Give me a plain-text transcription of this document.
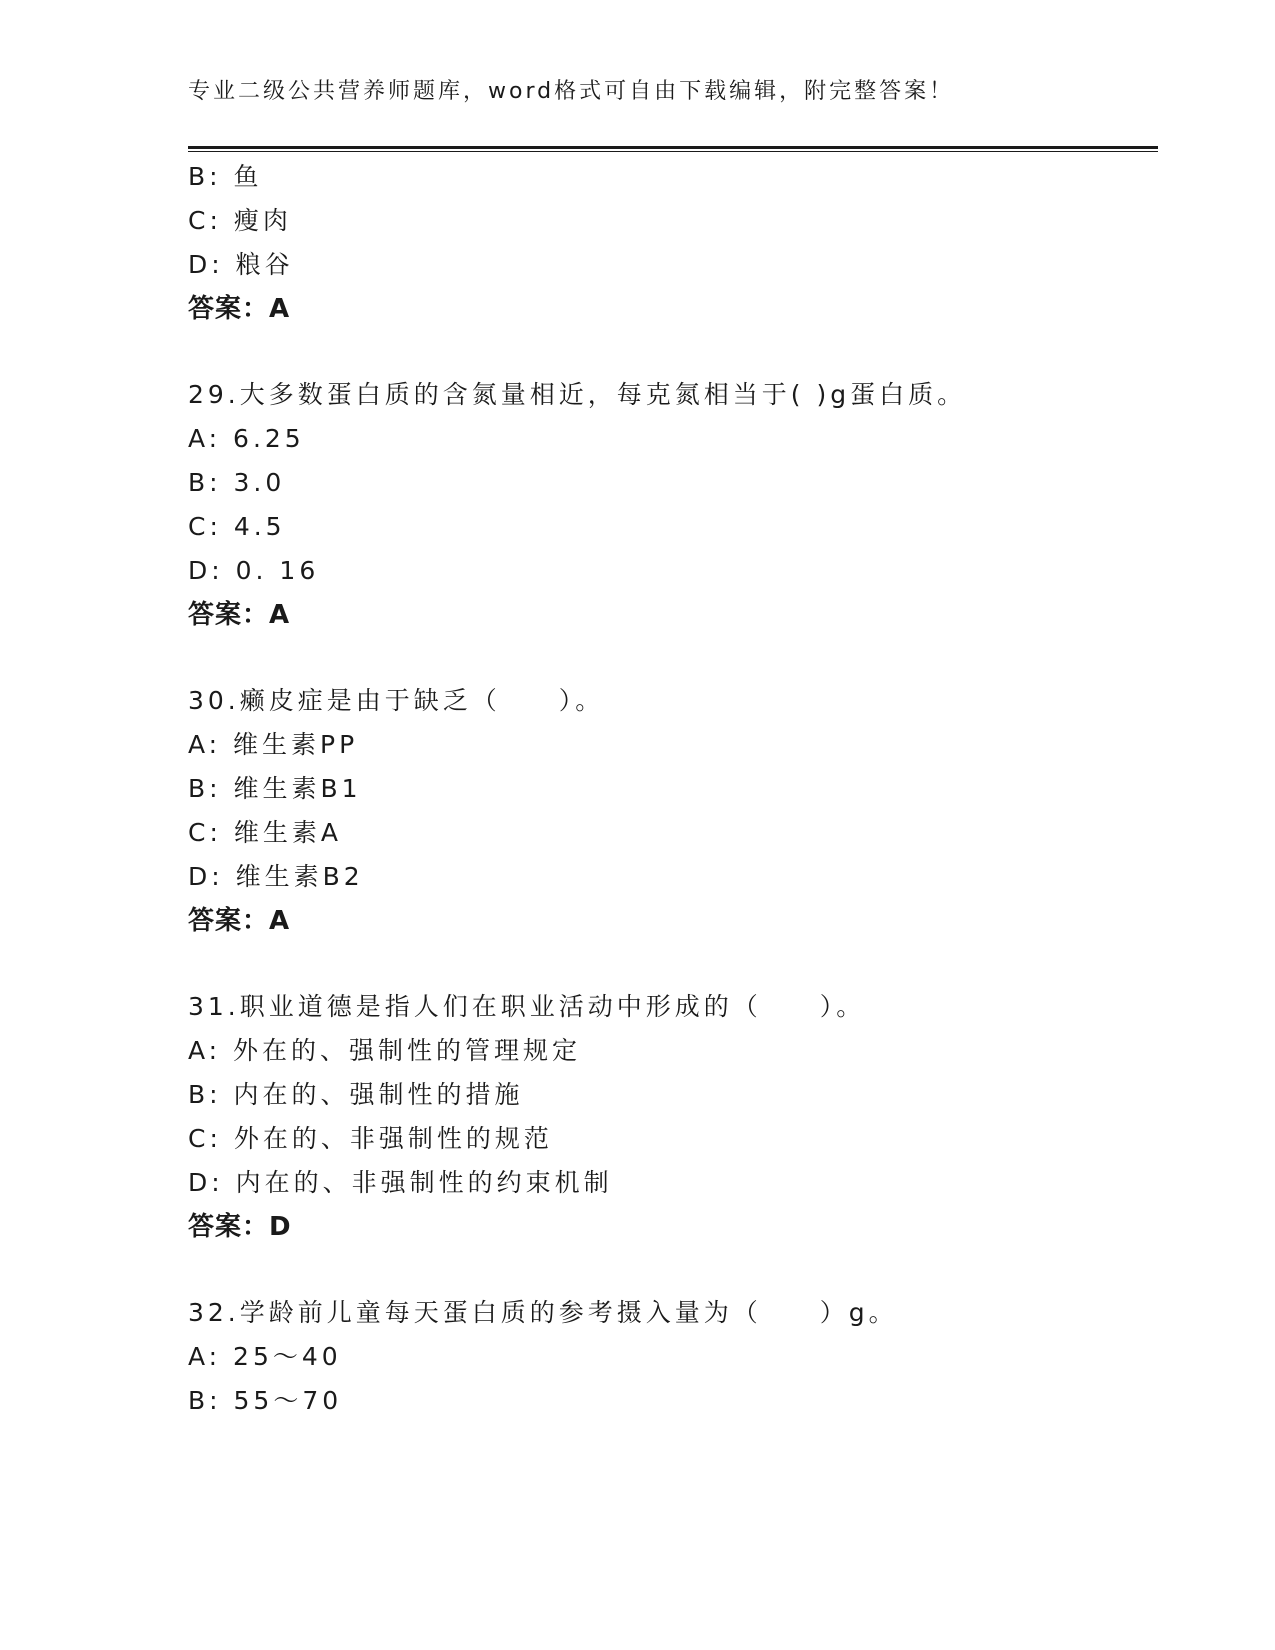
专业二级公共营养师题库，word格式可自由下载编辑，附完整答案！
B: 鱼
C: 瘦肉
D: 粮谷
答案：A
29.大多数蛋白质的含氮量相近，每克氮相当于( )g蛋白质。
A: 6.25
B: 3.0
C: 4.5
D: 0. 16
答案：A
30.癞皮症是由于缺乏（　　）。
A: 维生素PP
B: 维生素B1
C: 维生素A
D: 维生素B2
答案：A
31.职业道德是指人们在职业活动中形成的（　　）。
A: 外在的、强制性的管理规定
B: 内在的、强制性的措施
C: 外在的、非强制性的规范
D: 内在的、非强制性的约束机制
答案：D
32.学龄前儿童每天蛋白质的参考摄入量为（　　）g。
A: 25～40
B: 55～70
